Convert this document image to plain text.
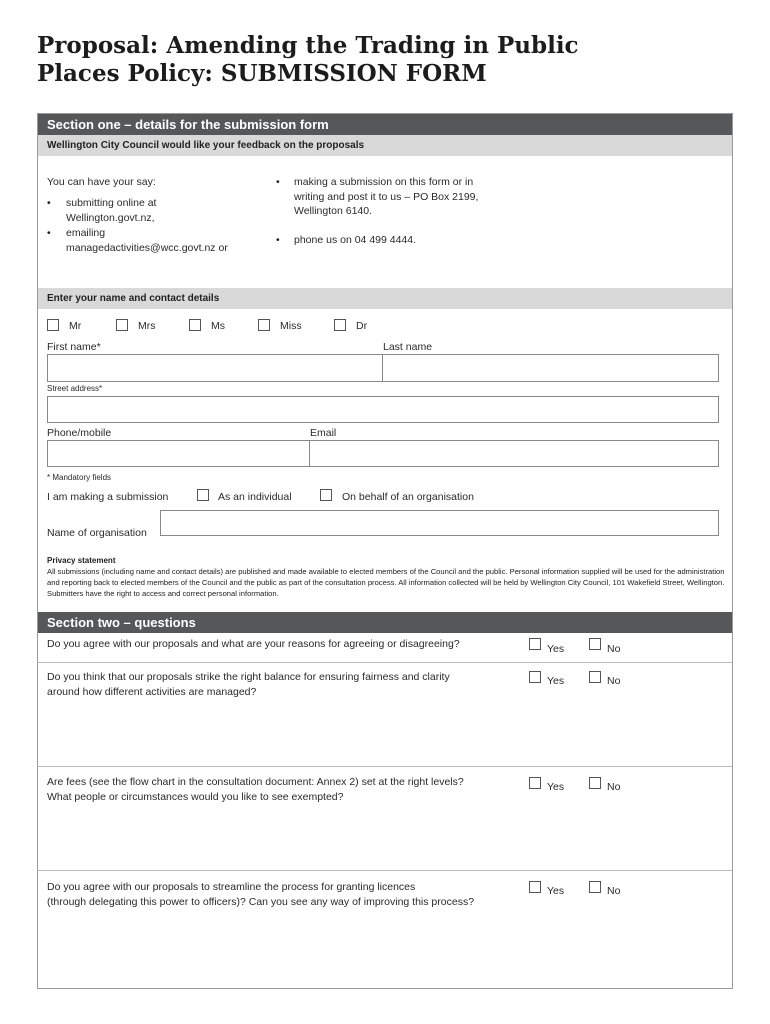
Proposal: Amending the Trading in Public
Places Policy: SUBMISSION FORM
Section one – details for the submission form
Wellington City Council would like your feedback on the proposals
You can have your say:
• submitting online at
Wellington.govt.nz,
• emailing
managedactivities@wcc.govt.nz or
• making a submission on this form or in
writing and post it to us – PO Box 2199,
Wellington 6140.
• phone us on 04 499 4444.
Enter your name and contact details
Mr	Mrs	Ms	Miss	Dr
First name*	Last name
Street address*
Phone/mobile	Email
* Mandatory fields
I am making a submission	As an individual	On behalf of an organisation
Name of organisation
Privacy statement
All submissions (including name and contact details) are published and made available to elected members of the Council and the public. Personal information supplied will be used for the administration and reporting back to elected members of the Council and the public as part of the consultation process. All information collected will be held by Wellington City Council, 101 Wakefield Street, Wellington. Submitters have the right to access and correct personal information.
Section two – questions
Do you agree with our proposals and what are your reasons for agreeing or disagreeing?	Yes	No
Do you think that our proposals strike the right balance for ensuring fairness and clarity
around how different activities are managed?
Yes	No
Are fees (see the flow chart in the consultation document: Annex 2) set at the right levels?
What people or circumstances would you like to see exempted?
Yes	No
Do you agree with our proposals to streamline the process for granting licences
(through delegating this power to officers)? Can you see any way of improving this process?
Yes	No
